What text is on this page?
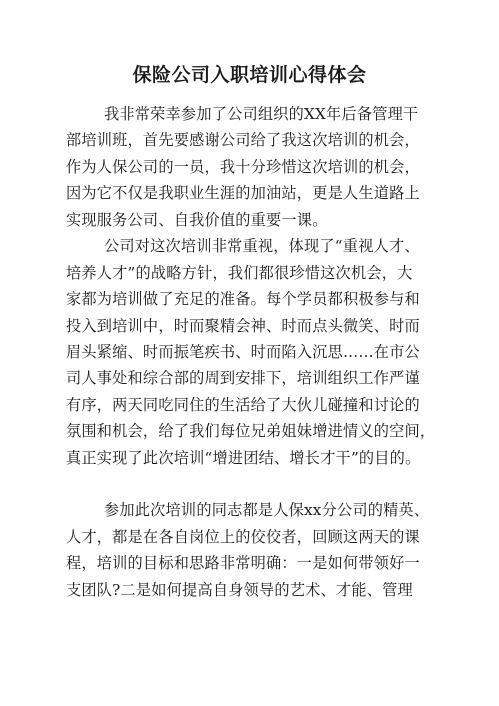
保险公司入职培训心得体会
我非常荣幸参加了公司组织的XX年后备管理干
部培训班，首先要感谢公司给了我这次培训的机会，
作为人保公司的一员，我十分珍惜这次培训的机会，
因为它不仅是我职业生涯的加油站，更是人生道路上
实现服务公司、自我价值的重要一课。
公司对这次培训非常重视，体现了“重视人才、
培养人才”的战略方针，我们都很珍惜这次机会，大
家都为培训做了充足的准备。每个学员都积极参与和
投入到培训中，时而聚精会神、时而点头微笑、时而
眉头紧缩、时而振笔疾书、时而陷入沉思……在市公
司人事处和综合部的周到安排下，培训组织工作严谨
有序，两天同吃同住的生活给了大伙儿碰撞和讨论的
氛围和机会，给了我们每位兄弟姐妹增进情义的空间，
真正实现了此次培训“增进团结、增长才干”的目的。
参加此次培训的同志都是人保xx分公司的精英、
人才，都是在各自岗位上的佼佼者，回顾这两天的课
程，培训的目标和思路非常明确：一是如何带领好一
支团队?二是如何提高自身领导的艺术、才能、管理
